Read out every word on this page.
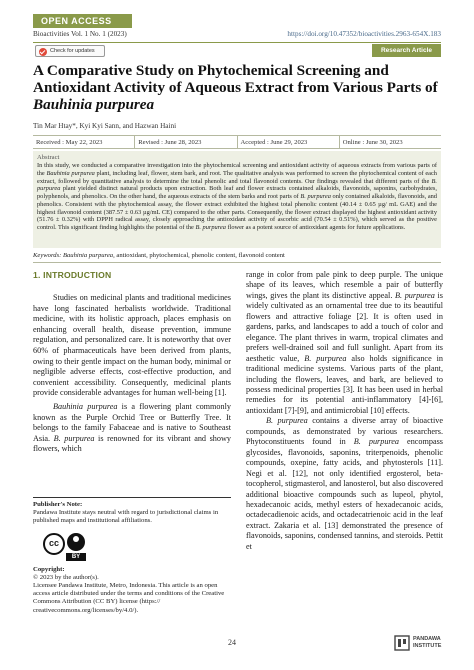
OPEN ACCESS
Bioactivities Vol. 1 No. 1 (2023)	https://doi.org/10.47352/bioactivities.2963-654X.183
Check for updates	Research Article
A Comparative Study on Phytochemical Screening and Antioxidant Activity of Aqueous Extract from Various Parts of Bauhinia purpurea
Tin Mar Htay*, Kyi Kyi Sann, and Hazwan Haini
Received : May 22, 2023	Revised : June 28, 2023	Accepted : June 29, 2023	Online : June 30, 2023
Abstract
In this study, we conducted a comparative investigation into the phytochemical screening and antioxidant activity of aqueous extracts from various parts of the Bauhinia purpurea plant, including leaf, flower, stem bark, and root. The qualitative analysis was performed to screen the phytochemical content of each extract, followed by quantitative analysis to determine the total phenolic and total flavonoid contents. Our findings revealed that different parts of the B. purpurea plant yielded distinct natural products upon extraction. Both leaf and flower extracts contained alkaloids, flavonoids, saponins, carbohydrates, polyphenols, and phenolics. On the other hand, the aqueous extracts of the stem barks and root parts of B. purpurea only contained alkaloids, flavonoids, and phenolics. Consistent with the phytochemical assay, the flower extract exhibited the highest total phenolic content (40.14 ± 0.65 µg/ mL GAE) and the highest flavonoid content (387.57 ± 0.63 µg/mL CE) compared to the other parts. Consequently, the flower extract displayed the highest antioxidant activity (51.76 ± 0.32%) with DPPH radical assay, closely approaching the antioxidant activity of ascorbic acid (70.54 ± 0.51%), which served as the positive control. This significant finding highlights the potential of the B. purpurea flower as a potent source of antioxidant agents for future applications.
Keywords: Bauhinia purpurea, antioxidant, phytochemical, phenolic content, flavonoid content
1. INTRODUCTION

Studies on medicinal plants and traditional medicines have long fascinated herbalists worldwide. Traditional medicine, with its holistic approach, places emphasis on enhancing overall health, disease prevention, immune regulation, and personalized care. It is noteworthy that over 60% of pharmaceuticals have been derived from plants, owing to their gentle impact on the human body, minimal or negligible adverse effects, cost-effective production, and convenient accessibility. Consequently, medicinal plants provide considerable advantages for human well-being [1].

Bauhinia purpurea is a flowering plant commonly known as the Purple Orchid Tree or Butterfly Tree. It belongs to the family Fabaceae and is native to Southeast Asia. B. purpurea is renowned for its vibrant and showy flowers, which

range in color from pale pink to deep purple. The unique shape of its leaves, which resemble a pair of butterfly wings, gives the plant its distinctive appeal. B. purpurea is widely cultivated as an ornamental tree due to its beautiful flowers and attractive foliage [2]. It is often used in gardens, parks, and landscapes to add a touch of color and elegance. The plant thrives in warm, tropical climates and prefers well-drained soil and full sunlight. Apart from its aesthetic value, B. purpurea also holds significance in traditional medicine systems. Various parts of the plant, including the flowers, leaves, and bark, are believed to possess medicinal properties [3]. It has been used in herbal remedies for its potential anti-inflammatory [4]-[6], antioxidant [7]-[9], and antimicrobial [10] effects.

B. purpurea contains a diverse array of bioactive compounds, as demonstrated by various researchers. Phytoconstituents found in B. purpurea encompass glycosides, flavonoids, saponins, triterpenoids, phenolic compounds, oxepine, fatty acids, and phytosterols [11]. Negi et al. [12], not only identified ergosterol, beta-tocopherol, stigmasterol, and lanosterol, but also discovered additional bioactive compounds such as lupeol, phytol, hexadecanoic acids, methyl esters of hexadecanoic acids, octadecadienoic acids, and octadecatrienoic acid in the leaf extract. Zakaria et al. [13] demonstrated the presence of flavonoids, saponins, condensed tannins, and steroids. Pettit et

Publisher's Note:
Pandawa Institute stays neutral with regard to jurisdictional claims in published maps and institutional affiliations.
cc
BY
Copyright:
© 2023 by the author(s).
Licensee Pandawa Institute, Metro, Indonesia. This article is an open access article distributed under the terms and conditions of the Creative Commons Attribution (CC BY) license (https:// creativecommons.org/licenses/by/4.0/).
24	PANDAWA
INSTITUTE
